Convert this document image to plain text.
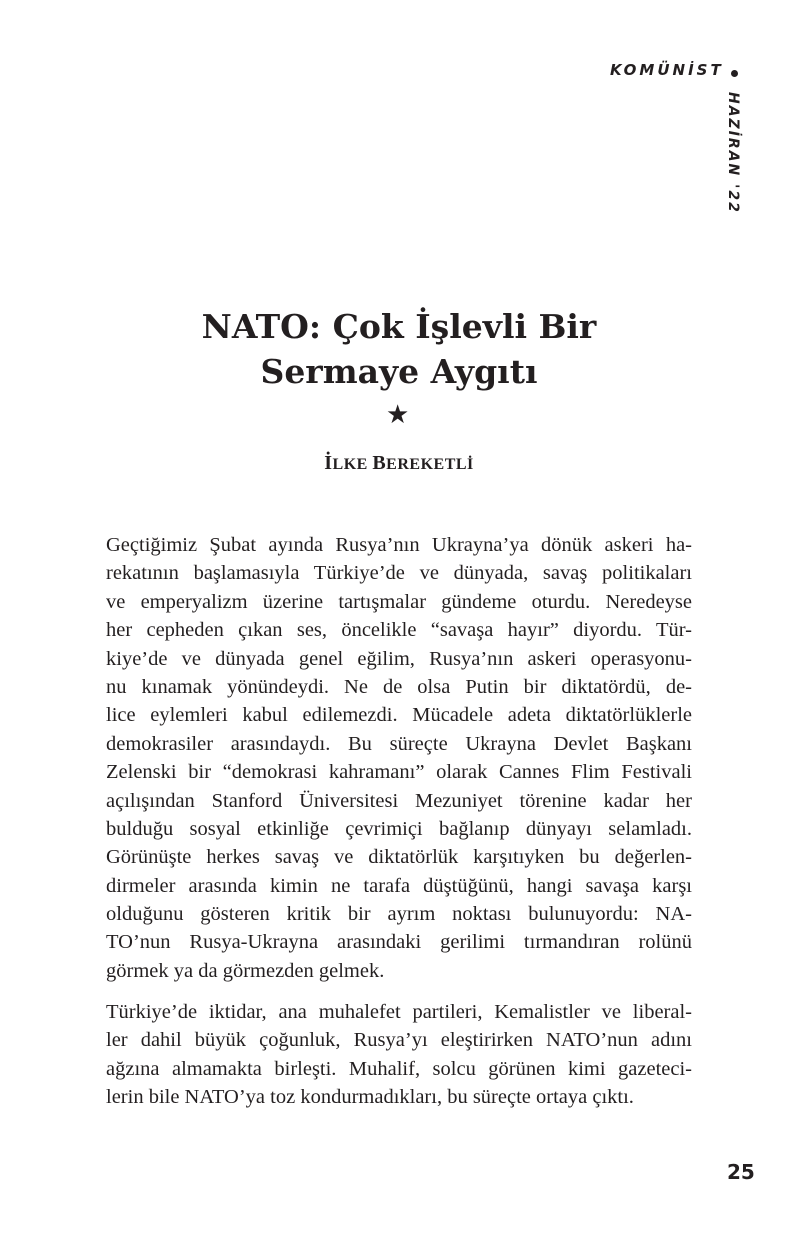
KOMÜNİST
HAZİRAN '22
NATO: Çok İşlevli Bir
Sermaye Aygıtı
★
İLKE BEREKETLİ
Geçtiğimiz Şubat ayında Rusya’nın Ukrayna’ya dönük askeri ha-
rekatının başlamasıyla Türkiye’de ve dünyada, savaş politikaları
ve emperyalizm üzerine tartışmalar gündeme oturdu. Neredeyse
her cepheden çıkan ses, öncelikle “savaşa hayır” diyordu. Tür-
kiye’de ve dünyada genel eğilim, Rusya’nın askeri operasyonu-
nu kınamak yönündeydi. Ne de olsa Putin bir diktatördü, de-
lice eylemleri kabul edilemezdi. Mücadele adeta diktatörlüklerle
demokrasiler arasındaydı. Bu süreçte Ukrayna Devlet Başkanı
Zelenski bir “demokrasi kahramanı” olarak Cannes Flim Festivali
açılışından Stanford Üniversitesi Mezuniyet törenine kadar her
bulduğu sosyal etkinliğe çevrimiçi bağlanıp dünyayı selamladı.
Görünüşte herkes savaş ve diktatörlük karşıtıyken bu değerlen-
dirmeler arasında kimin ne tarafa düştüğünü, hangi savaşa karşı
olduğunu gösteren kritik bir ayrım noktası bulunuyordu: NA-
TO’nun Rusya-Ukrayna arasındaki gerilimi tırmandıran rolünü
görmek ya da görmezden gelmek.
Türkiye’de iktidar, ana muhalefet partileri, Kemalistler ve liberal-
ler dahil büyük çoğunluk, Rusya’yı eleştirirken NATO’nun adını
ağzına almamakta birleşti. Muhalif, solcu görünen kimi gazeteci-
lerin bile NATO’ya toz kondurmadıkları, bu süreçte ortaya çıktı.
25
